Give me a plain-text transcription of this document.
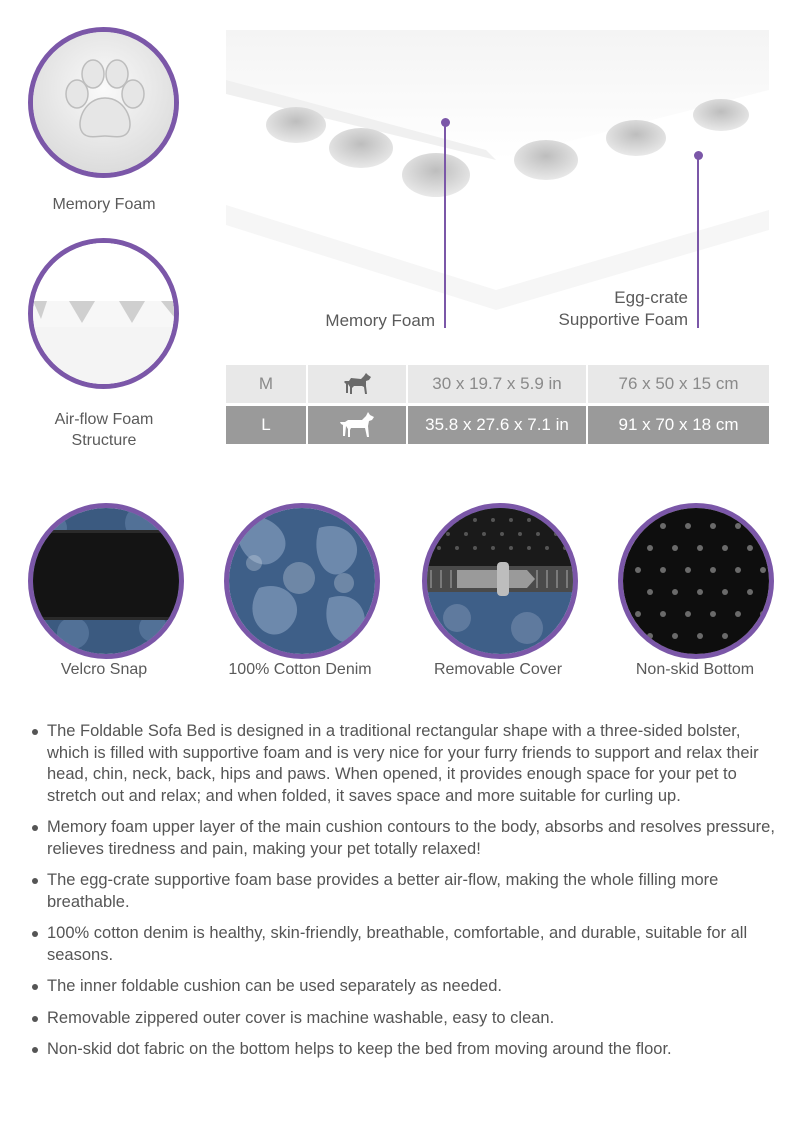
Memory Foam
Air-flow Foam
Structure
Memory Foam
Egg-crate
Supportive Foam
M	30 x 19.7 x 5.9 in	76 x 50 x 15 cm
L	35.8 x 27.6 x 7.1 in	91 x 70 x 18 cm
Velcro Snap	100% Cotton Denim	Removable Cover	Non-skid Bottom
The Foldable Sofa Bed is designed in a traditional rectangular shape with a three-sided bolster, which is filled with supportive foam and is very nice for your furry friends to support and relax their head, chin, neck, back, hips and paws. When opened, it provides enough space for your pet to stretch out and relax; and when folded, it saves space and more suitable for curling up.
Memory foam upper layer of the main cushion contours to the body, absorbs and resolves pressure, relieves tiredness and pain, making your pet totally relaxed!
The egg-crate supportive foam base provides a better air-flow, making the whole filling more breathable.
100% cotton denim is healthy, skin-friendly, breathable, comfortable, and durable, suitable for all seasons.
The inner foldable cushion can be used separately as needed.
Removable zippered outer cover is machine washable, easy to clean.
Non-skid dot fabric on the bottom helps to keep the bed from moving around the floor.
